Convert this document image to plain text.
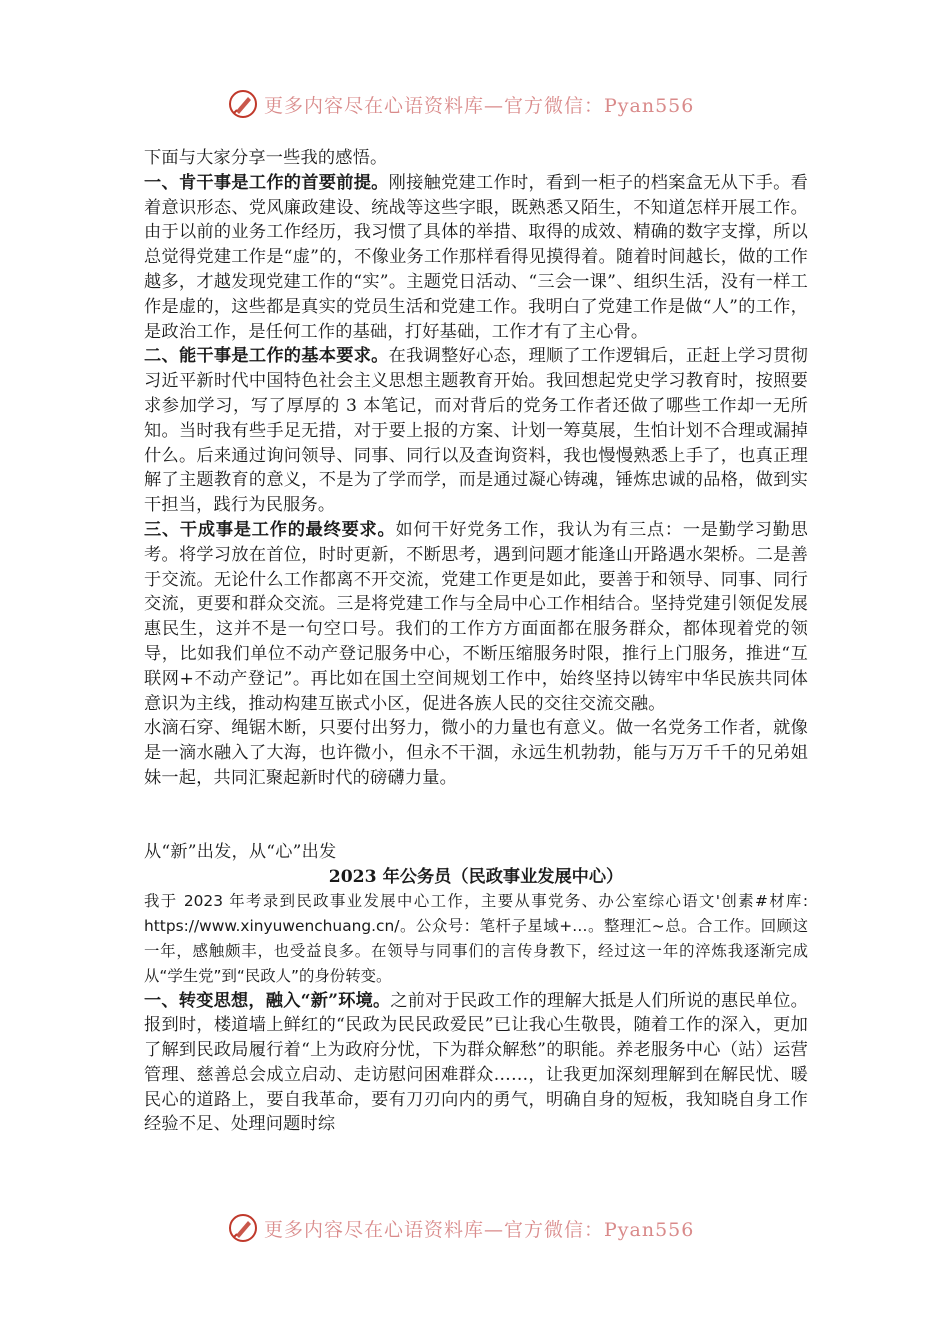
更多内容尽在心语资料库—官方微信：Pyan556

下面与大家分享一些我的感悟。

一、肯干事是工作的首要前提。刚接触党建工作时，看到一柜子的档案盒无从下手。看着意识形态、党风廉政建设、统战等这些字眼，既熟悉又陌生，不知道怎样开展工作。由于以前的业务工作经历，我习惯了具体的举措、取得的成效、精确的数字支撑，所以总觉得党建工作是“虚”的，不像业务工作那样看得见摸得着。随着时间越长，做的工作越多，才越发现党建工作的“实”。主题党日活动、“三会一课”、组织生活，没有一样工作是虚的，这些都是真实的党员生活和党建工作。我明白了党建工作是做“人”的工作，是政治工作，是任何工作的基础，打好基础，工作才有了主心骨。

二、能干事是工作的基本要求。在我调整好心态，理顺了工作逻辑后，正赶上学习贯彻习近平新时代中国特色社会主义思想主题教育开始。我回想起党史学习教育时，按照要求参加学习，写了厚厚的 3 本笔记，而对背后的党务工作者还做了哪些工作却一无所知。当时我有些手足无措，对于要上报的方案、计划一筹莫展，生怕计划不合理或漏掉什么。后来通过询问领导、同事、同行以及查询资料，我也慢慢熟悉上手了，也真正理解了主题教育的意义，不是为了学而学，而是通过凝心铸魂，锤炼忠诚的品格，做到实干担当，践行为民服务。

三、干成事是工作的最终要求。如何干好党务工作，我认为有三点：一是勤学习勤思考。将学习放在首位，时时更新，不断思考，遇到问题才能逢山开路遇水架桥。二是善于交流。无论什么工作都离不开交流，党建工作更是如此，要善于和领导、同事、同行交流，更要和群众交流。三是将党建工作与全局中心工作相结合。坚持党建引领促发展惠民生，这并不是一句空口号。我们的工作方方面面都在服务群众，都体现着党的领导，比如我们单位不动产登记服务中心，不断压缩服务时限，推行上门服务，推进“互联网+不动产登记”。再比如在国土空间规划工作中，始终坚持以铸牢中华民族共同体意识为主线，推动构建互嵌式小区，促进各族人民的交往交流交融。

水滴石穿、绳锯木断，只要付出努力，微小的力量也有意义。做一名党务工作者，就像是一滴水融入了大海，也许微小，但永不干涸，永远生机勃勃，能与万万千千的兄弟姐妹一起，共同汇聚起新时代的磅礴力量。

从“新”出发，从“心”出发

2023 年公务员（民政事业发展中心）

我于 2023 年考录到民政事业发展中心工作，主要从事党务、办公室综心语文'创素#材库: https://www.xinyuwenchuang.cn/。公众号：笔杆子星域+…。整理汇~总。合工作。回顾这一年，感触颇丰，也受益良多。在领导与同事们的言传身教下，经过这一年的淬炼我逐渐完成从“学生党”到“民政人”的身份转变。

一、转变思想，融入“新”环境。之前对于民政工作的理解大抵是人们所说的惠民单位。报到时，楼道墙上鲜红的“民政为民民政爱民”已让我心生敬畏，随着工作的深入，更加了解到民政局履行着“上为政府分忧，下为群众解愁”的职能。养老服务中心（站）运营管理、慈善总会成立启动、走访慰问困难群众……，让我更加深刻理解到在解民忧、暖民心的道路上，要自我革命，要有刀刃向内的勇气，明确自身的短板，我知晓自身工作经验不足、处理问题时综

更多内容尽在心语资料库—官方微信：Pyan556
